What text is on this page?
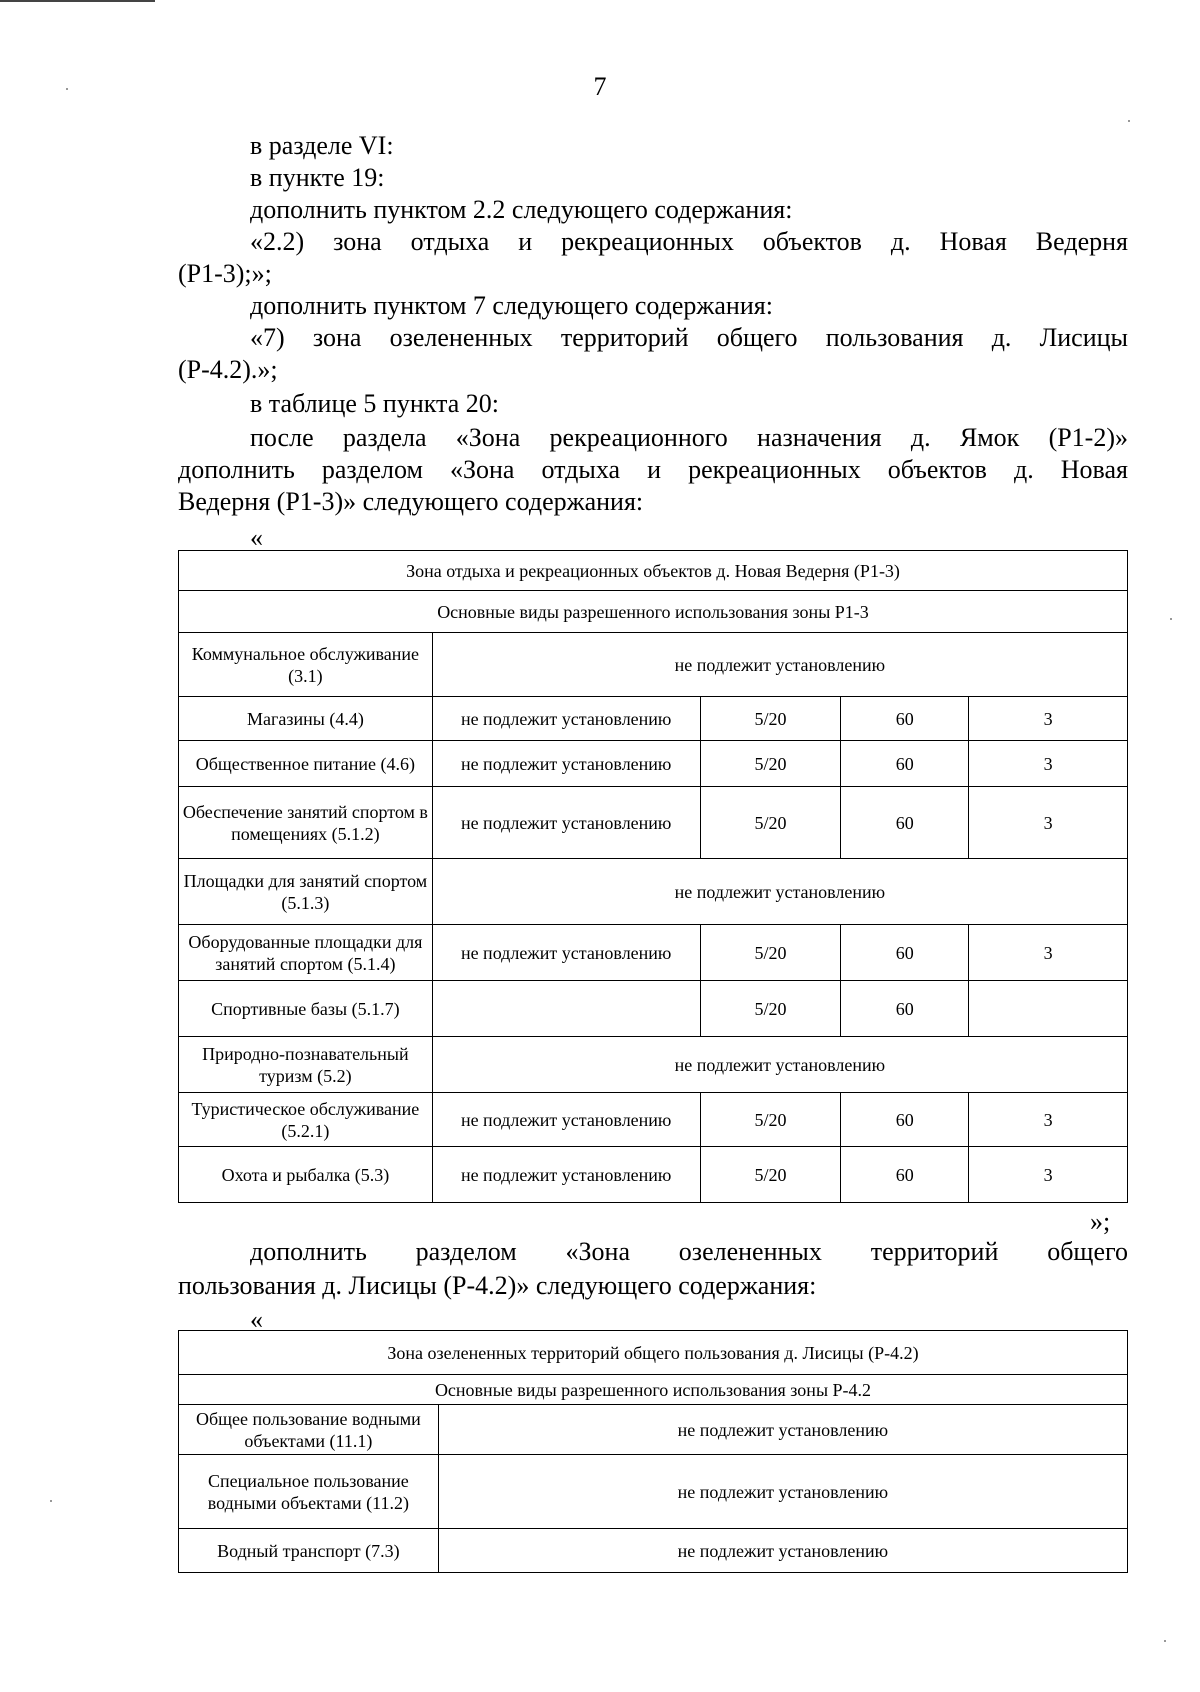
7
в разделе VI:
в пункте 19:
дополнить пунктом 2.2 следующего содержания:
«2.2) зона отдыха и рекреационных объектов д. Новая Ведерня
(Р1-3);»;
дополнить пунктом 7 следующего содержания:
«7) зона озелененных территорий общего пользования д. Лисицы
(Р-4.2).»;
в таблице 5 пункта 20:
после раздела «Зона рекреационного назначения д. Ямок (Р1-2)»
дополнить разделом «Зона отдыха и рекреационных объектов д. Новая
Ведерня (Р1-3)» следующего содержания:
«
Зона отдыха и рекреационных объектов д. Новая Ведерня (Р1-3)				
Основные виды разрешенного использования зоны Р1-3				
Коммунальное обслуживание (3.1)	не подлежит установлению			
Магазины (4.4)	не подлежит установлению	5/20	60	3
Общественное питание (4.6)	не подлежит установлению	5/20	60	3
Обеспечение занятий спортом в помещениях (5.1.2)	не подлежит установлению	5/20	60	3
Площадки для занятий спортом (5.1.3)	не подлежит установлению			
Оборудованные площадки для занятий спортом (5.1.4)	не подлежит установлению	5/20	60	3
Спортивные базы (5.1.7)		5/20	60	
Природно-познавательный туризм (5.2)	не подлежит установлению			
Туристическое обслуживание (5.2.1)	не подлежит установлению	5/20	60	3
Охота и рыбалка (5.3)	не подлежит установлению	5/20	60	3
»;
дополнить разделом «Зона озелененных территорий общего
пользования д. Лисицы (Р-4.2)» следующего содержания:
«
Зона озелененных территорий общего пользования д. Лисицы (Р-4.2)	
Основные виды разрешенного использования зоны Р-4.2	
Общее пользование водными объектами (11.1)	не подлежит установлению
Специальное пользование водными объектами (11.2)	не подлежит установлению
Водный транспорт (7.3)	не подлежит установлению
